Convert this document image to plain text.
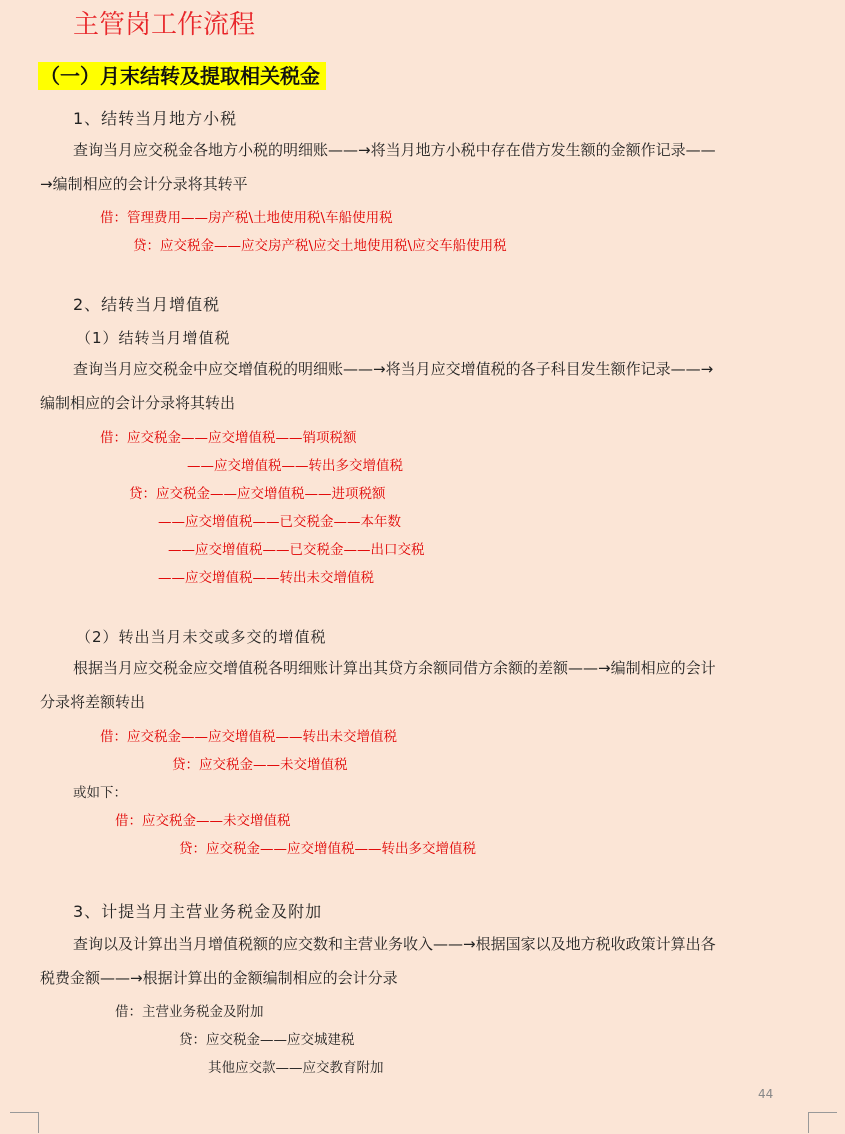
主管岗工作流程
（一）月末结转及提取相关税金
1、结转当月地方小税
查询当月应交税金各地方小税的明细账——→将当月地方小税中存在借方发生额的金额作记录——
→编制相应的会计分录将其转平
借：管理费用——房产税\土地使用税\车船使用税
贷：应交税金——应交房产税\应交土地使用税\应交车船使用税
2、结转当月增值税
（1）结转当月增值税
查询当月应交税金中应交增值税的明细账——→将当月应交增值税的各子科目发生额作记录——→
编制相应的会计分录将其转出
借：应交税金——应交增值税——销项税额
——应交增值税——转出多交增值税
贷：应交税金——应交增值税——进项税额
——应交增值税——已交税金——本年数
——应交增值税——已交税金——出口交税
——应交增值税——转出未交增值税
（2）转出当月未交或多交的增值税
根据当月应交税金应交增值税各明细账计算出其贷方余额同借方余额的差额——→编制相应的会计
分录将差额转出
借：应交税金——应交增值税——转出未交增值税
贷：应交税金——未交增值税
或如下：
借：应交税金——未交增值税
贷：应交税金——应交增值税——转出多交增值税
3、计提当月主营业务税金及附加
查询以及计算出当月增值税额的应交数和主营业务收入——→根据国家以及地方税收政策计算出各
税费金额——→根据计算出的金额编制相应的会计分录
借：主营业务税金及附加
贷：应交税金——应交城建税
其他应交款——应交教育附加
44
